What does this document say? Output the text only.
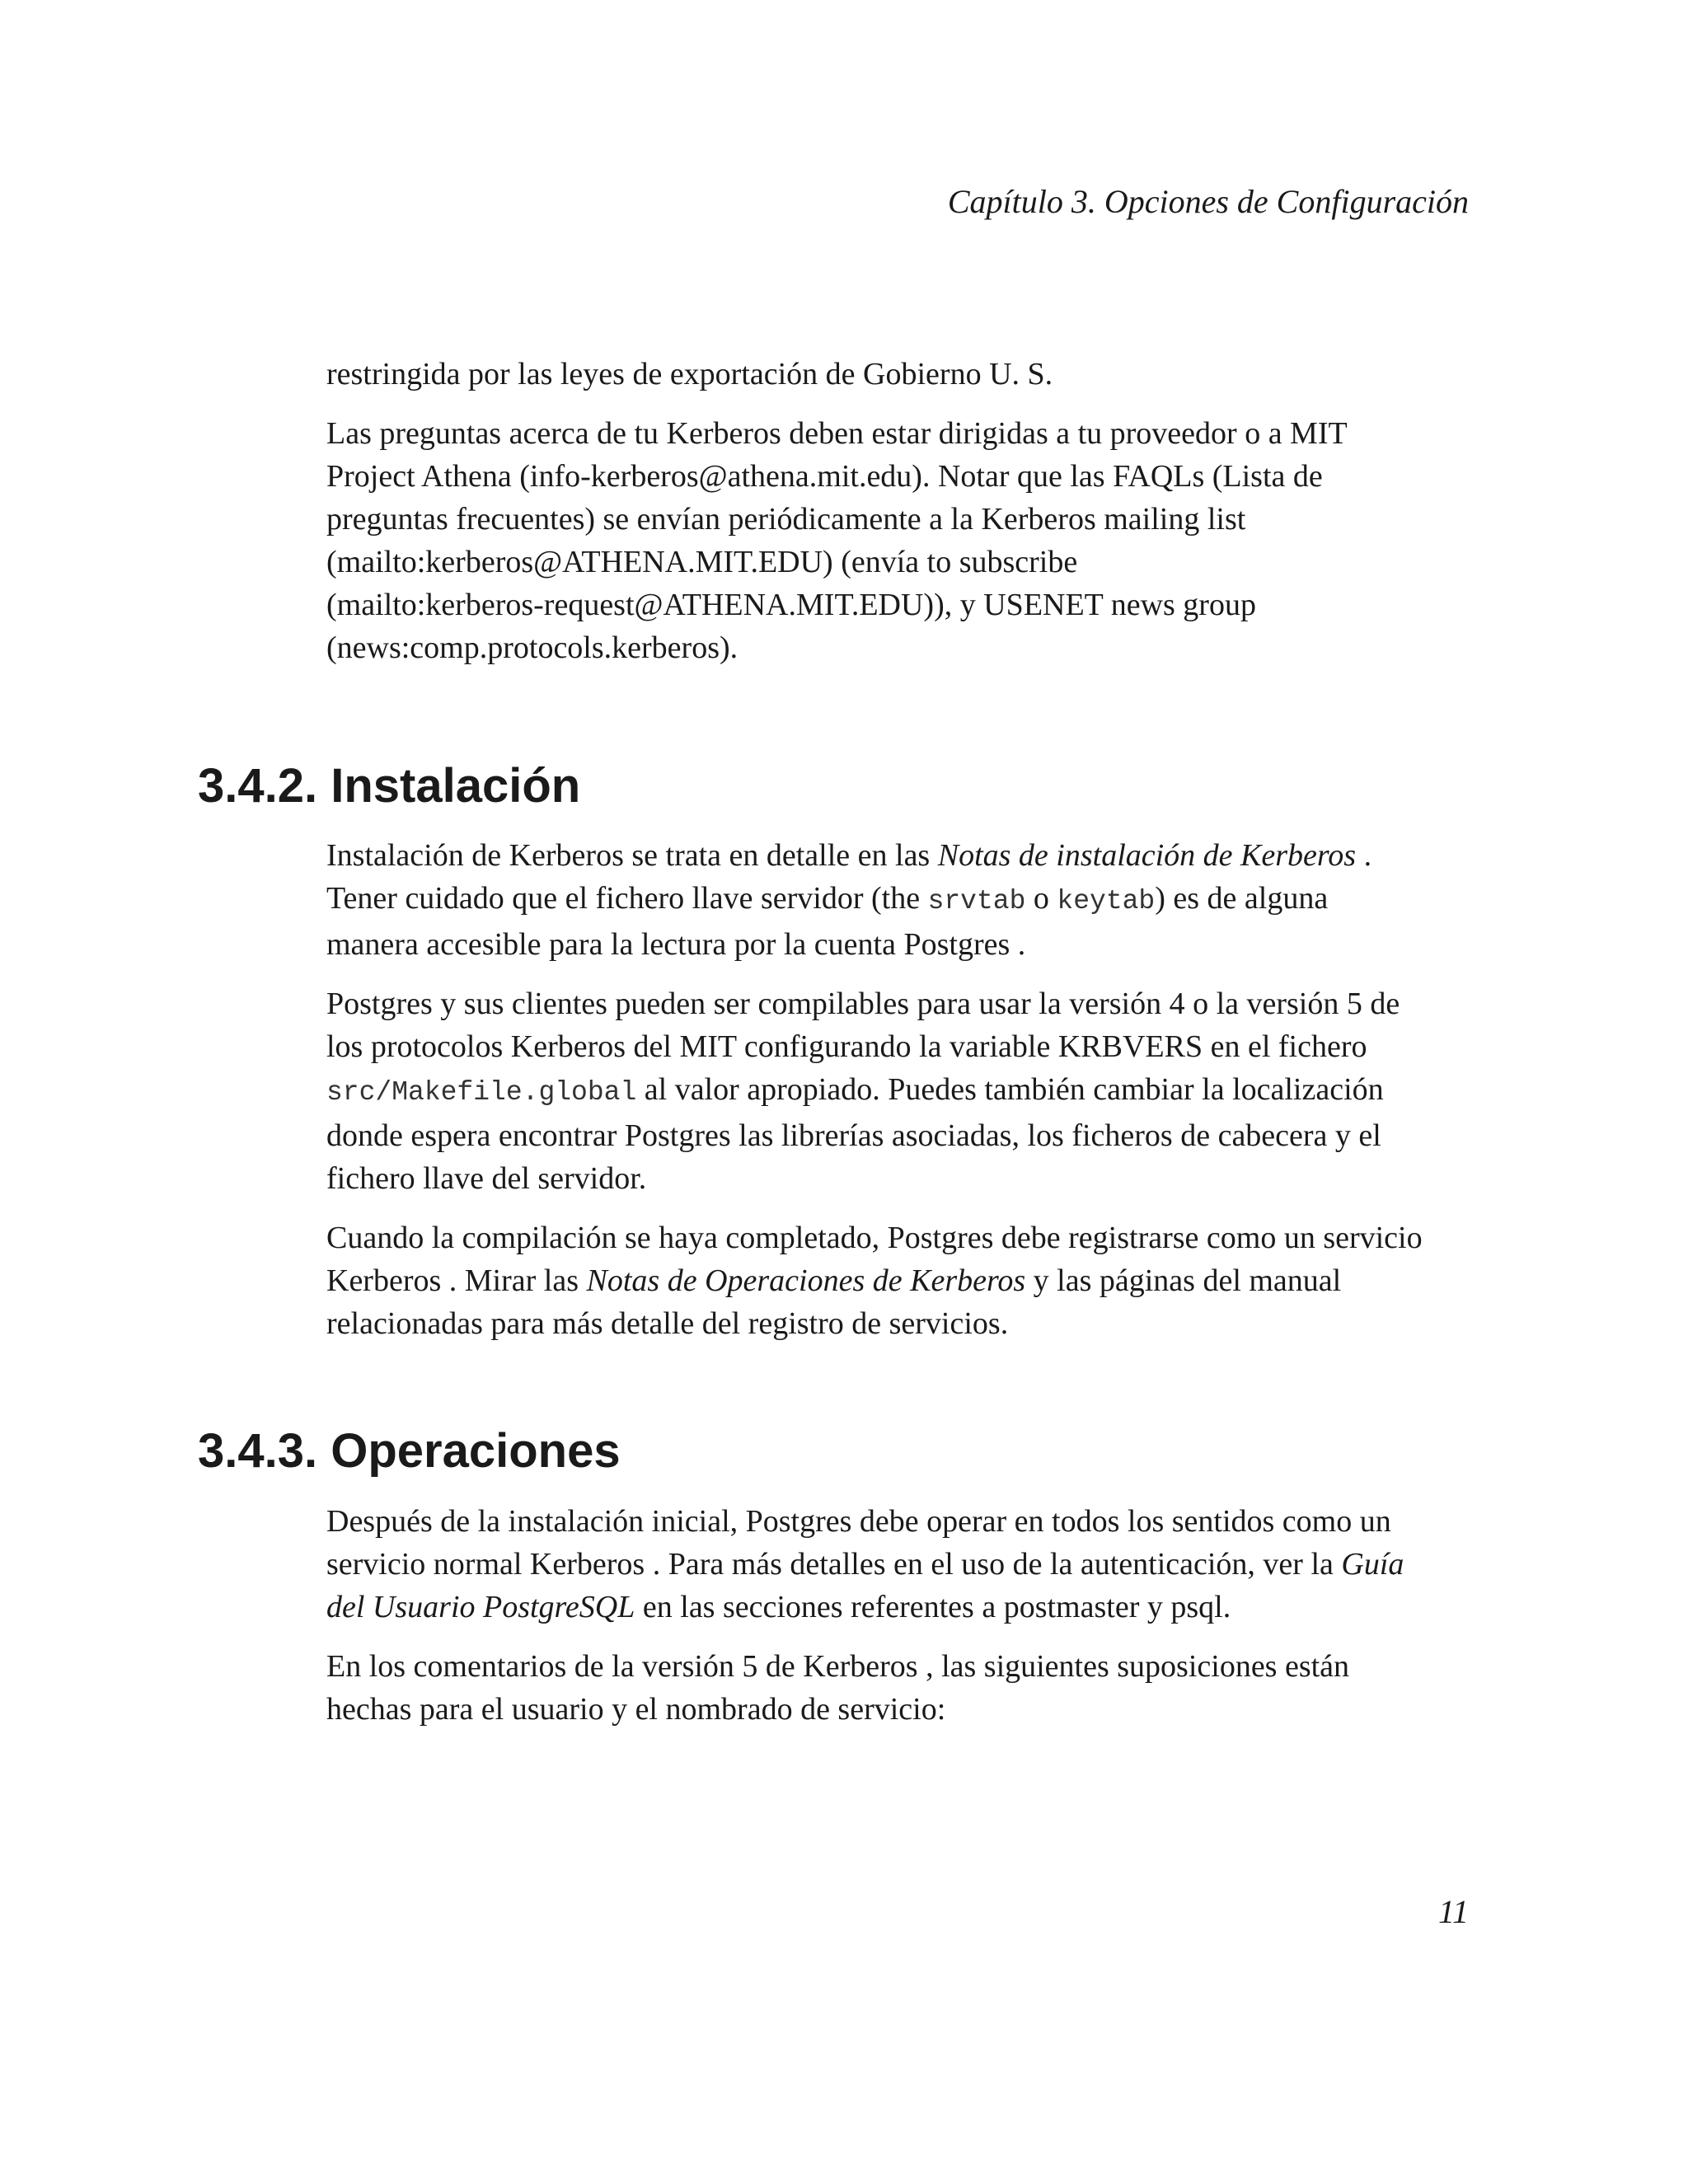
Capítulo 3. Opciones de Configuración

restringida por las leyes de exportación de Gobierno U. S.

Las preguntas acerca de tu Kerberos deben estar dirigidas a tu proveedor o a MIT
Project Athena (info-kerberos@athena.mit.edu). Notar que las FAQLs (Lista de
preguntas frecuentes) se envían periódicamente a la Kerberos mailing list
(mailto:kerberos@ATHENA.MIT.EDU) (envía to subscribe
(mailto:kerberos-request@ATHENA.MIT.EDU)), y USENET news group
(news:comp.protocols.kerberos).

3.4.2. Instalación

Instalación de Kerberos se trata en detalle en las Notas de instalación de Kerberos .
Tener cuidado que el fichero llave servidor (the srvtab o keytab) es de alguna
manera accesible para la lectura por la cuenta Postgres .

Postgres y sus clientes pueden ser compilables para usar la versión 4 o la versión 5 de
los protocolos Kerberos del MIT configurando la variable KRBVERS en el fichero
src/Makefile.global al valor apropiado. Puedes también cambiar la localización
donde espera encontrar Postgres las librerías asociadas, los ficheros de cabecera y el
fichero llave del servidor.

Cuando la compilación se haya completado, Postgres debe registrarse como un servicio
Kerberos . Mirar las Notas de Operaciones de Kerberos y las páginas del manual
relacionadas para más detalle del registro de servicios.

3.4.3. Operaciones

Después de la instalación inicial, Postgres debe operar en todos los sentidos como un
servicio normal Kerberos . Para más detalles en el uso de la autenticación, ver la Guía
del Usuario PostgreSQL en las secciones referentes a postmaster y psql.

En los comentarios de la versión 5 de Kerberos , las siguientes suposiciones están
hechas para el usuario y el nombrado de servicio:

11
